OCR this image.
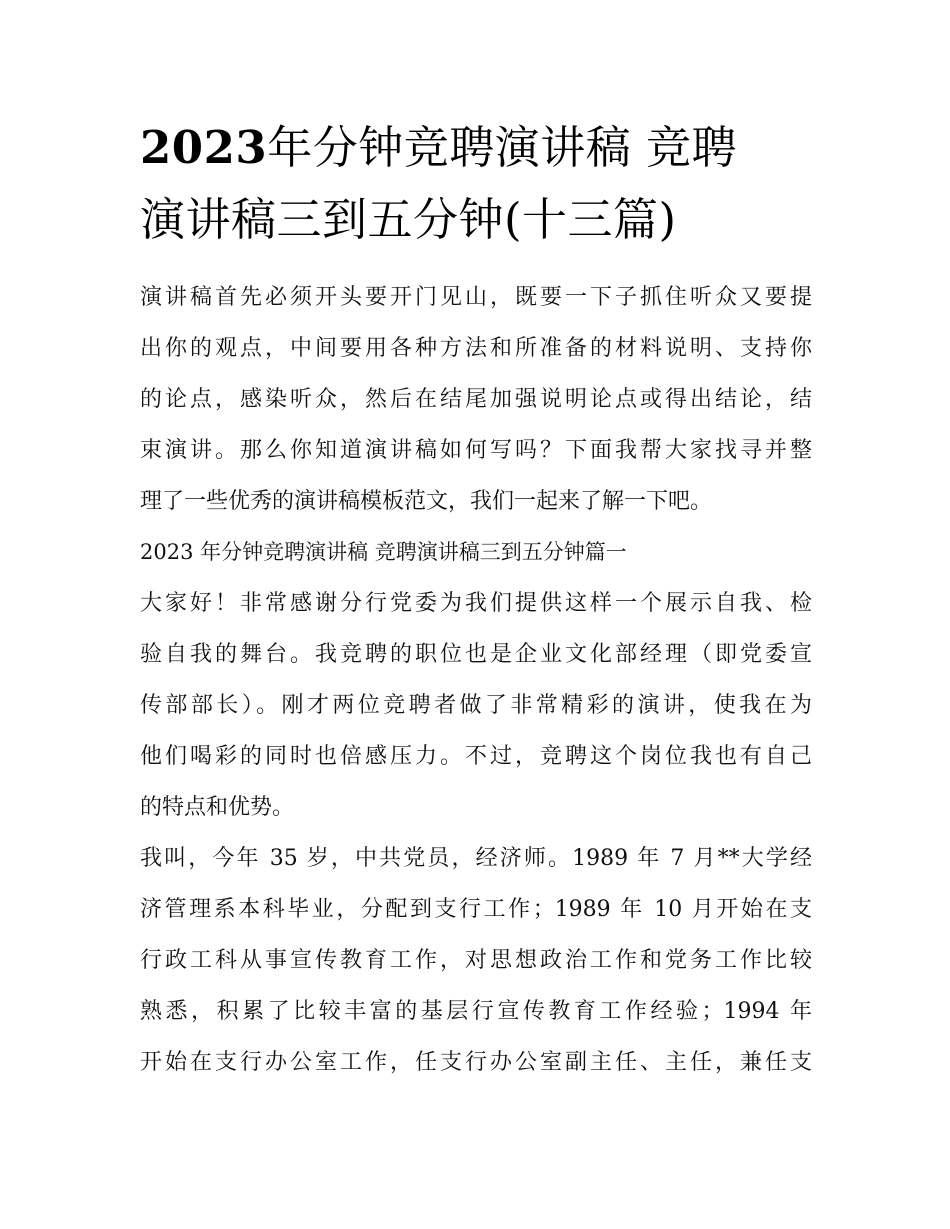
2023年分钟竞聘演讲稿 竞聘
演讲稿三到五分钟(十三篇)

演讲稿首先必须开头要开门见山，既要一下子抓住听众又要提
出你的观点，中间要用各种方法和所准备的材料说明、支持你
的论点，感染听众，然后在结尾加强说明论点或得出结论，结
束演讲。那么你知道演讲稿如何写吗？下面我帮大家找寻并整
理了一些优秀的演讲稿模板范文，我们一起来了解一下吧。

2023 年分钟竞聘演讲稿 竞聘演讲稿三到五分钟篇一

大家好！非常感谢分行党委为我们提供这样一个展示自我、检
验自我的舞台。我竞聘的职位也是企业文化部经理（即党委宣
传部部长）。刚才两位竞聘者做了非常精彩的演讲，使我在为
他们喝彩的同时也倍感压力。不过，竞聘这个岗位我也有自己
的特点和优势。

我叫，今年 35 岁，中共党员，经济师。1989 年 7 月**大学经
济管理系本科毕业，分配到支行工作；1989 年 10 月开始在支
行政工科从事宣传教育工作，对思想政治工作和党务工作比较
熟悉，积累了比较丰富的基层行宣传教育工作经验；1994 年
开始在支行办公室工作，任支行办公室副主任、主任，兼任支
